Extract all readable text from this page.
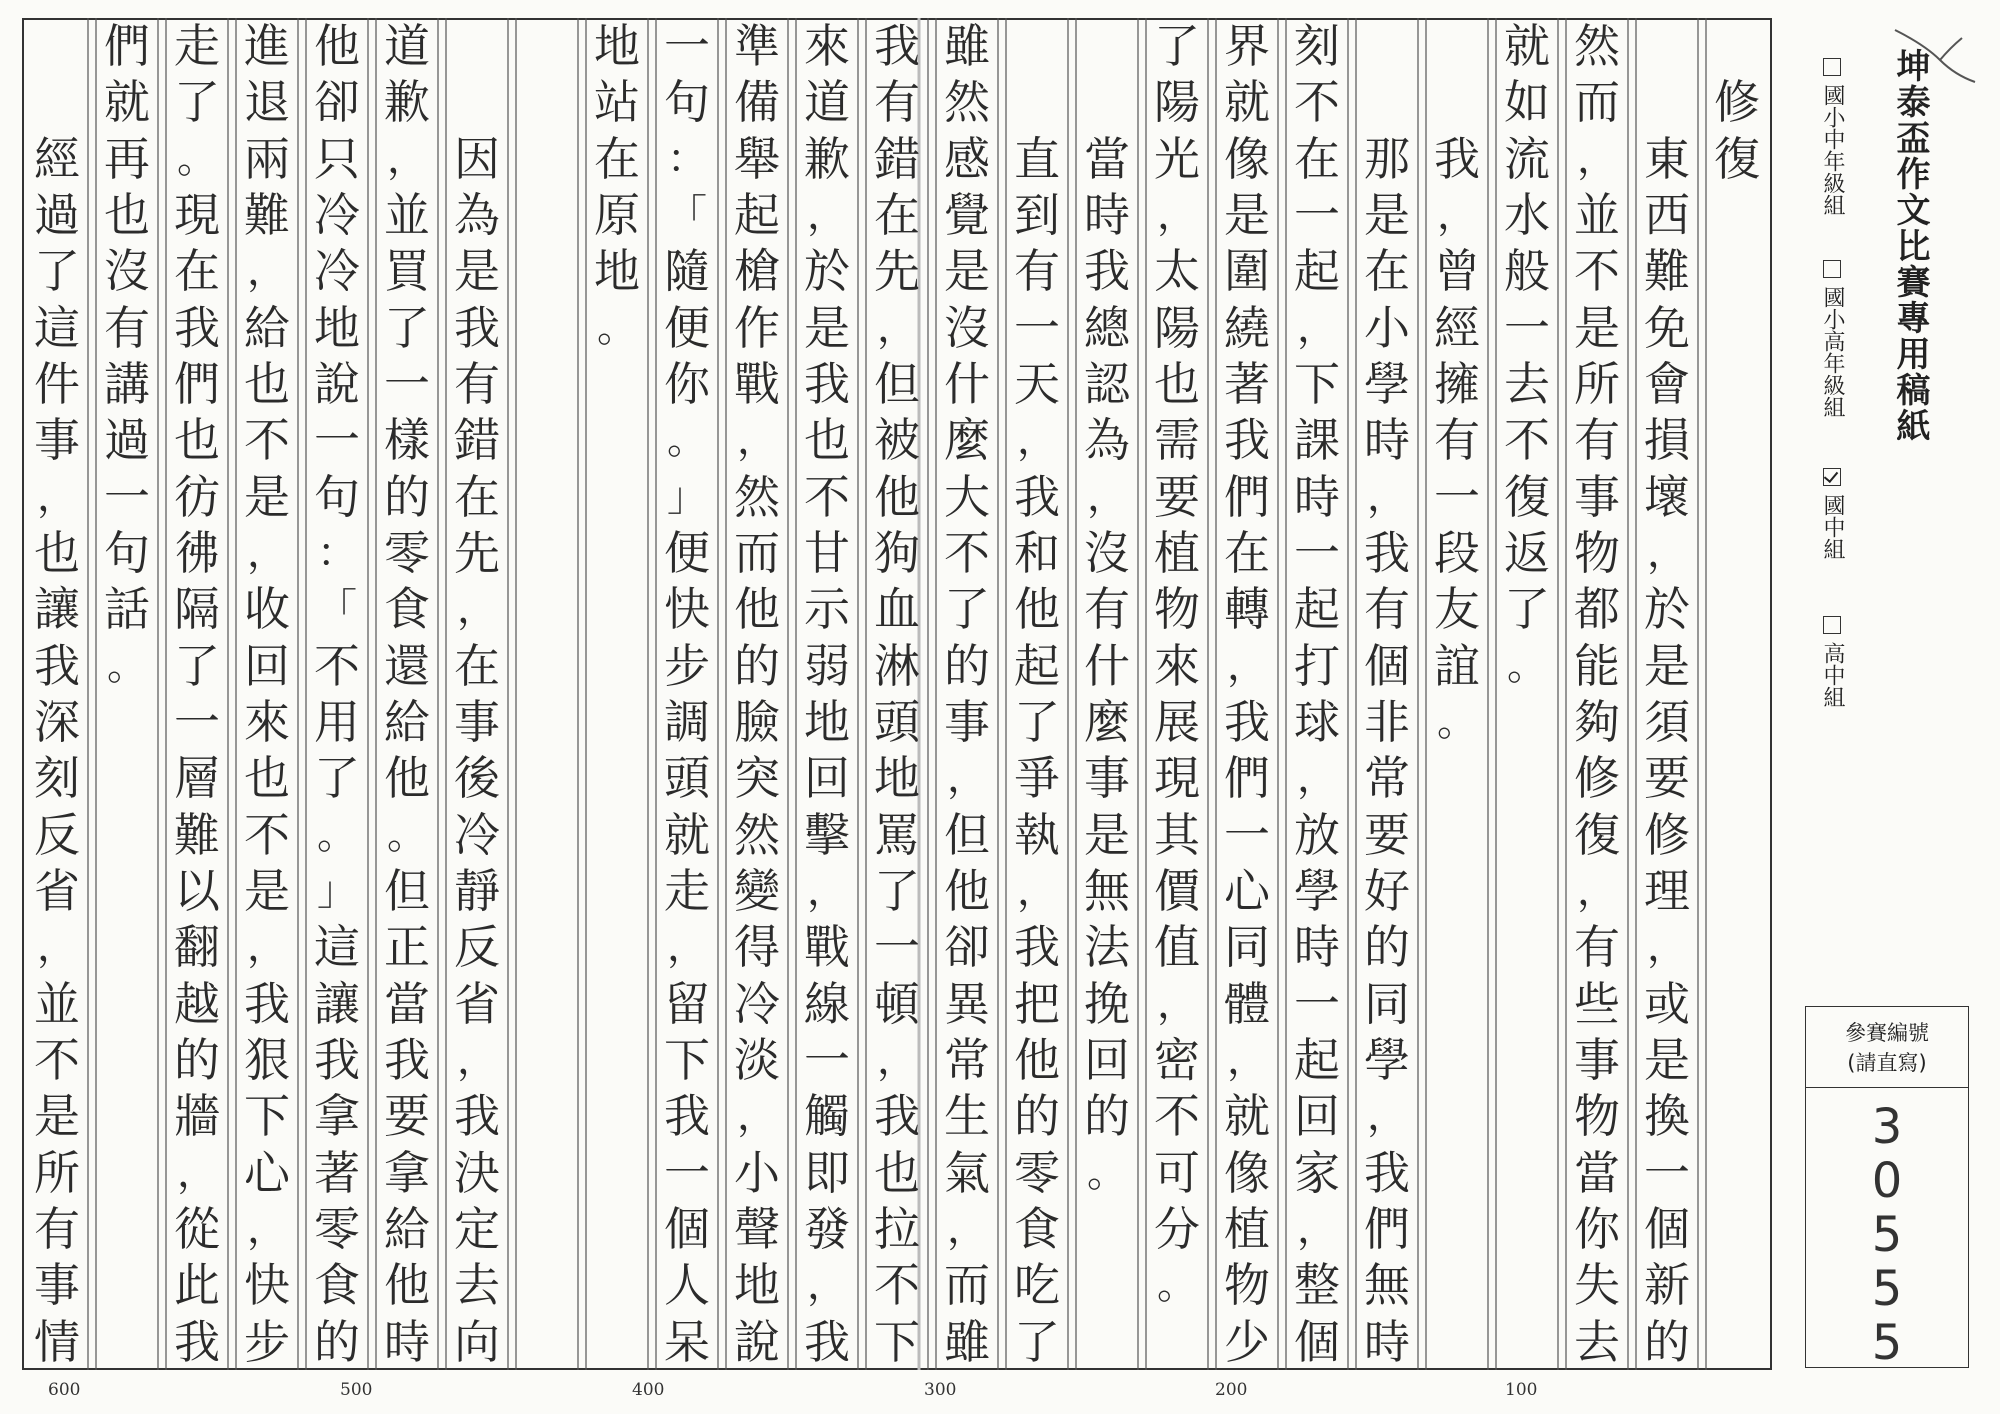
修
復
東
西
難
免
會
損
壞
，
於
是
須
要
修
理
，
或
是
換
一
個
新
的
然
而
，
並
不
是
所
有
事
物
都
能
夠
修
復
，
有
些
事
物
當
你
失
去
就
如
流
水
般
一
去
不
復
返
了
。
我
，
曾
經
擁
有
一
段
友
誼
。
那
是
在
小
學
時
，
我
有
個
非
常
要
好
的
同
學
，
我
們
無
時
刻
不
在
一
起
，
下
課
時
一
起
打
球
，
放
學
時
一
起
回
家
，
整
個
界
就
像
是
圍
繞
著
我
們
在
轉
，
我
們
一
心
同
體
，
就
像
植
物
少
了
陽
光
，
太
陽
也
需
要
植
物
來
展
現
其
價
值
，
密
不
可
分
。
當
時
我
總
認
為
，
沒
有
什
麼
事
是
無
法
挽
回
的
。
直
到
有
一
天
，
我
和
他
起
了
爭
執
，
我
把
他
的
零
食
吃
了
雖
然
感
覺
是
沒
什
麼
大
不
了
的
事
，
但
他
卻
異
常
生
氣
，
而
雖
我
有
錯
在
先
，
但
被
他
狗
血
淋
頭
地
罵
了
一
頓
，
我
也
拉
不
下
來
道
歉
，
於
是
我
也
不
甘
示
弱
地
回
擊
，
戰
線
一
觸
即
發
，
我
準
備
舉
起
槍
作
戰
，
然
而
他
的
臉
突
然
變
得
冷
淡
，
小
聲
地
說
一
句
：
「
隨
便
你
。
」
便
快
步
調
頭
就
走
，
留
下
我
一
個
人
呆
地
站
在
原
地
。
因
為
是
我
有
錯
在
先
，
在
事
後
冷
靜
反
省
，
我
決
定
去
向
道
歉
，
並
買
了
一
樣
的
零
食
還
給
他
。
但
正
當
我
要
拿
給
他
時
他
卻
只
冷
冷
地
說
一
句
：
「
不
用
了
。
」
這
讓
我
拿
著
零
食
的
進
退
兩
難
，
給
也
不
是
，
收
回
來
也
不
是
，
我
狠
下
心
，
快
步
走
了
。
現
在
我
們
也
彷
彿
隔
了
一
層
難
以
翻
越
的
牆
，
從
此
我
們
就
再
也
沒
有
講
過
一
句
話
。
經
過
了
這
件
事
，
也
讓
我
深
刻
反
省
，
並
不
是
所
有
事
情
600	500	400	300	200	100
坤泰盃作文比賽專用稿紙
國小中年級組
國小高年級組
國中組
高中組
參賽編號
(請直寫)
3
0
5
5
5
